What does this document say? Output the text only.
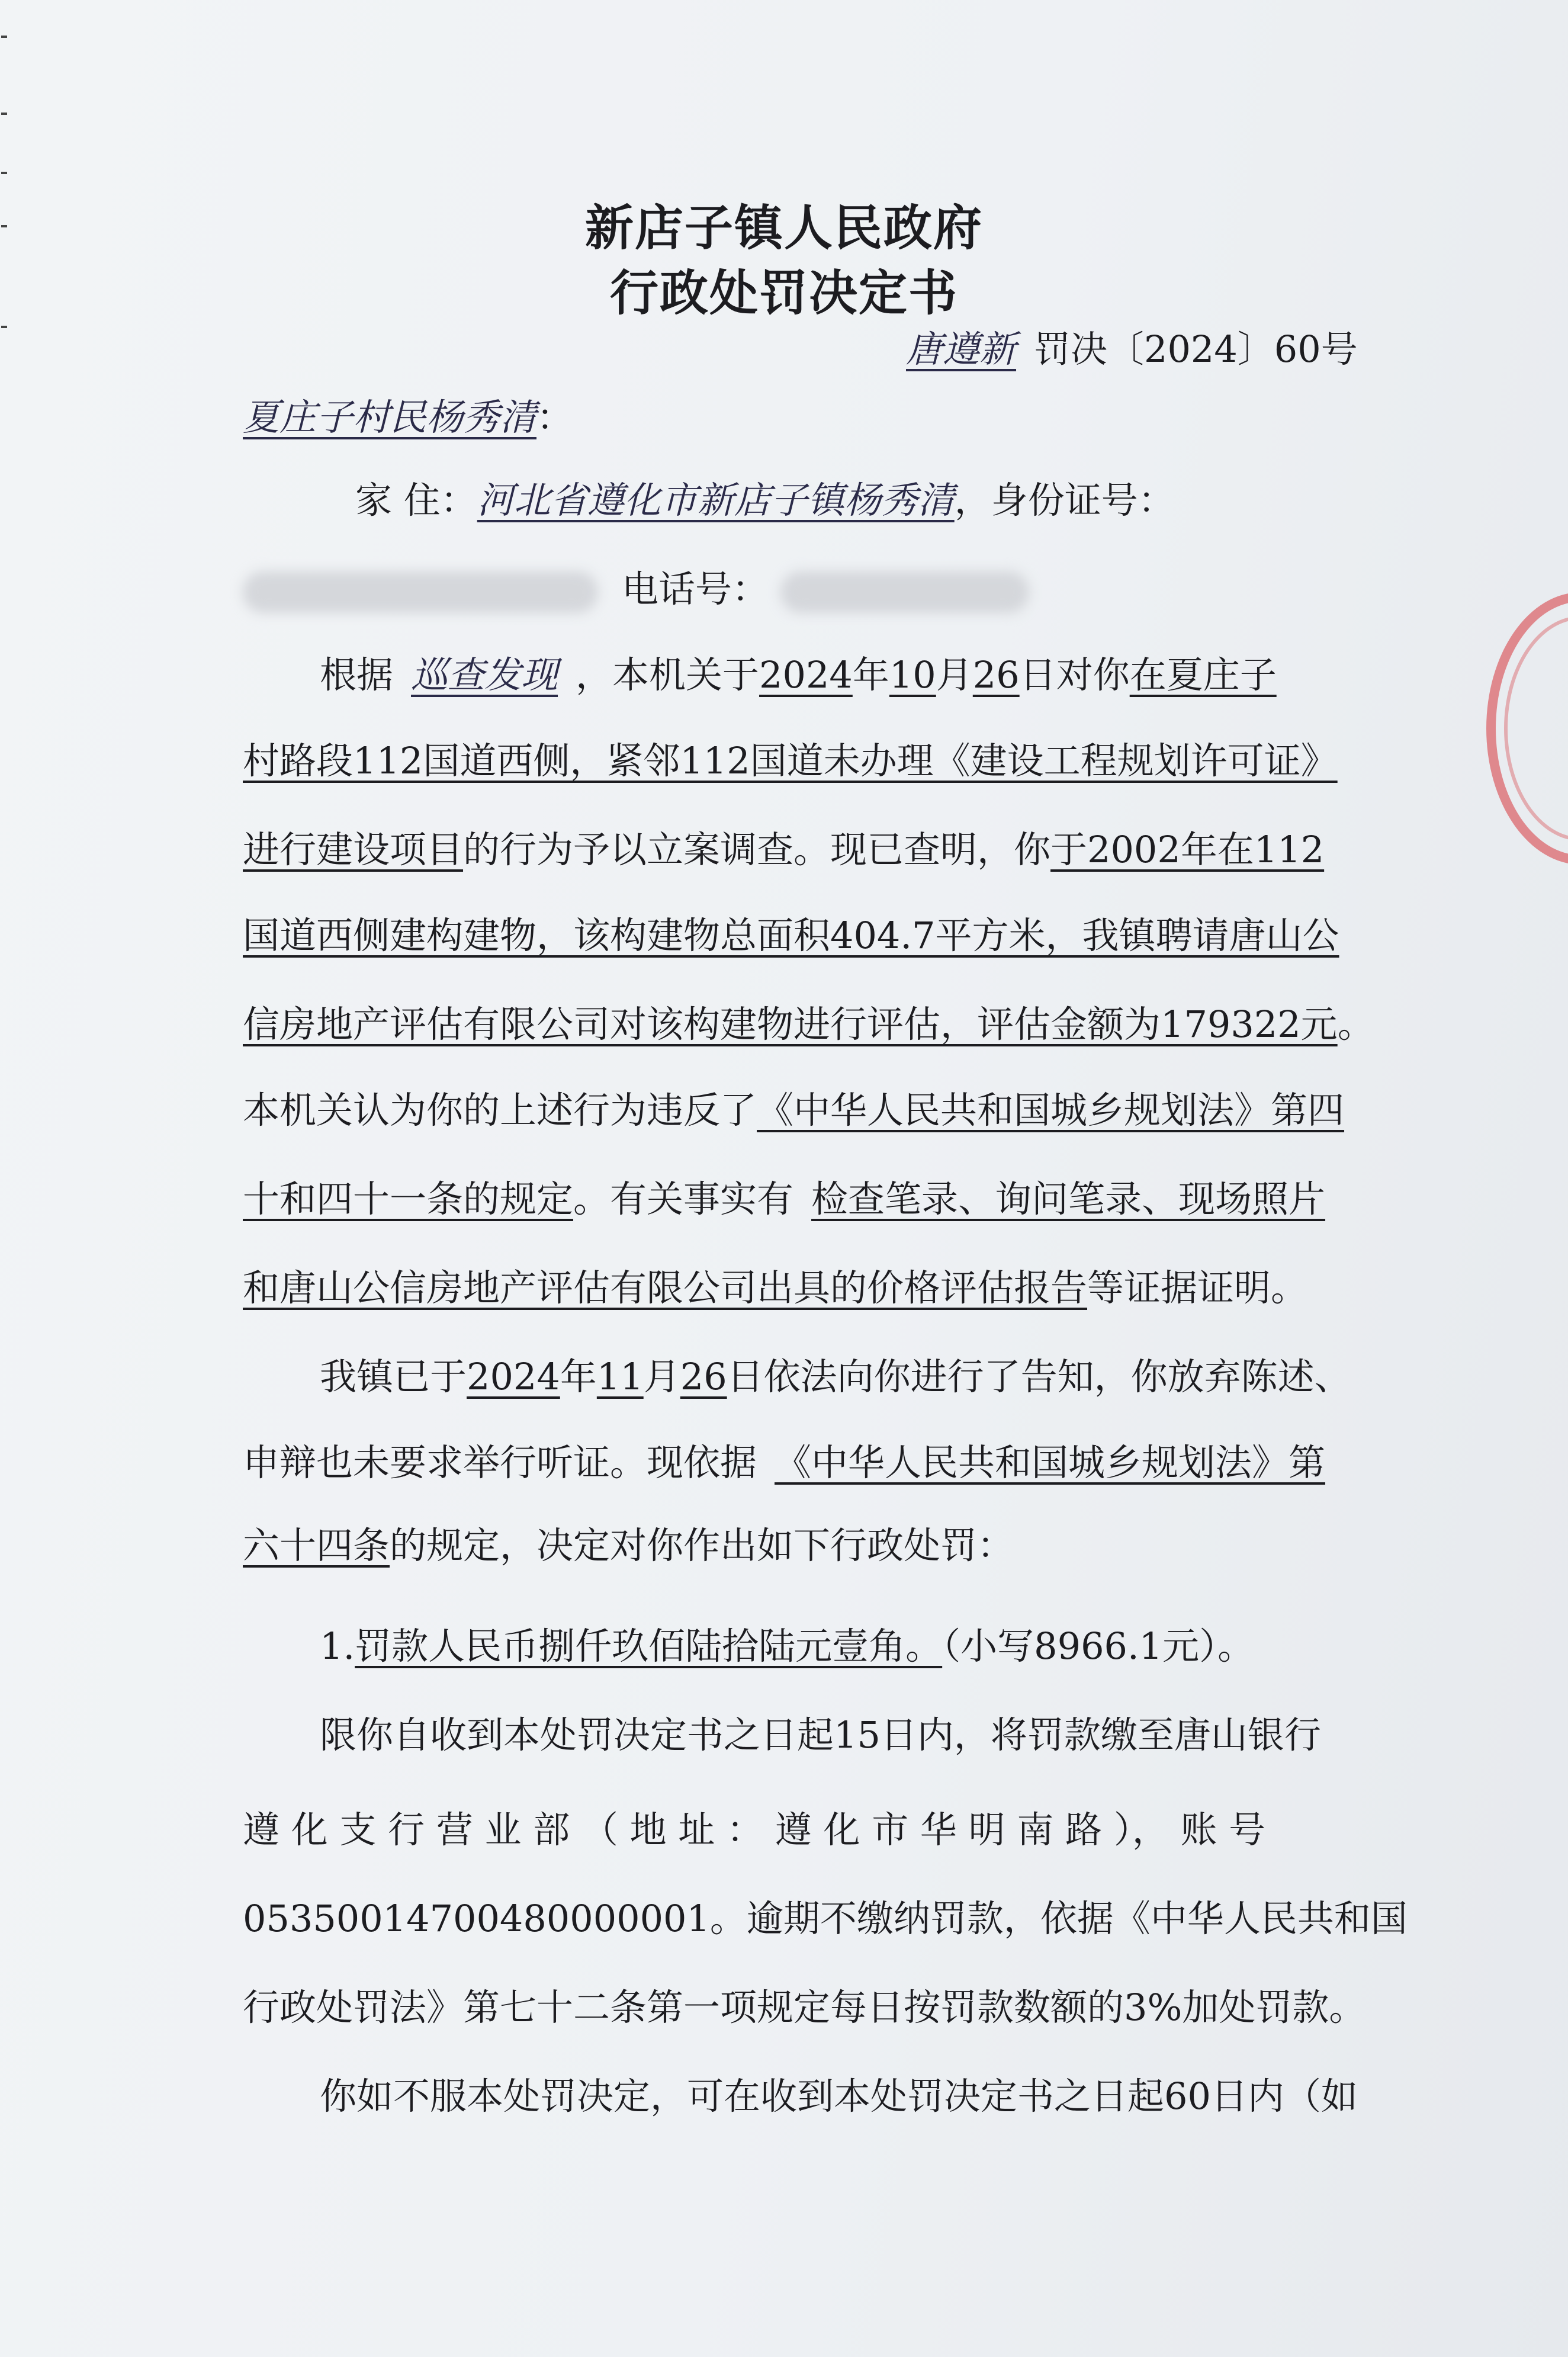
新店子镇人民政府
行政处罚决定书
唐遵新 罚决〔2024〕60号
夏庄子村民杨秀清：
家 住：河北省遵化市新店子镇杨秀清，身份证号：
电话号：
根据 巡查发现 ，本机关于2024年10月26日对你在夏庄子
村路段112国道西侧，紧邻112国道未办理《建设工程规划许可证》
进行建设项目的行为予以立案调查。现已查明，你于2002年在112
国道西侧建构建物，该构建物总面积404.7平方米，我镇聘请唐山公
信房地产评估有限公司对该构建物进行评估，评估金额为179322元。
本机关认为你的上述行为违反了《中华人民共和国城乡规划法》第四
十和四十一条的规定。有关事实有 检查笔录、询问笔录、现场照片
和唐山公信房地产评估有限公司出具的价格评估报告等证据证明。
我镇已于2024年11月26日依法向你进行了告知，你放弃陈述、
申辩也未要求举行听证。现依据 《中华人民共和国城乡规划法》第
六十四条的规定，决定对你作出如下行政处罚：
1.罚款人民币捌仟玖佰陆拾陆元壹角。（小写8966.1元）。
限你自收到本处罚决定书之日起15日内，将罚款缴至唐山银行
遵 化 支 行 营 业 部 （ 地 址 ： 遵 化 市 华 明 南 路 ）， 账 号
05350014700480000001。逾期不缴纳罚款，依据《中华人民共和国
行政处罚法》第七十二条第一项规定每日按罚款数额的3%加处罚款。
你如不服本处罚决定，可在收到本处罚决定书之日起60日内（如
